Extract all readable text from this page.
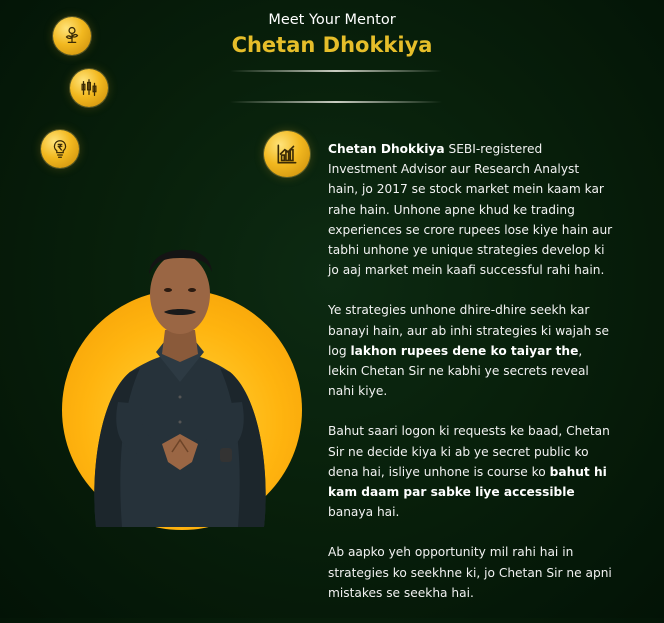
Meet Your Mentor
Chetan Dhokkiya

Chetan Dhokkiya SEBI-registered Investment Advisor aur Research Analyst hain, jo 2017 se stock market mein kaam kar rahe hain. Unhone apne khud ke trading experiences se crore rupees lose kiye hain aur tabhi unhone ye unique strategies develop ki jo aaj market mein kaafi successful rahi hain.

Ye strategies unhone dhire-dhire seekh kar banayi hain, aur ab inhi strategies ki wajah se log lakhon rupees dene ko taiyar the, lekin Chetan Sir ne kabhi ye secrets reveal nahi kiye.

Bahut saari logon ki requests ke baad, Chetan Sir ne decide kiya ki ab ye secret public ko dena hai, isliye unhone is course ko bahut hi kam daam par sabke liye accessible banaya hai.

Ab aapko yeh opportunity mil rahi hai in strategies ko seekhne ki, jo Chetan Sir ne apni mistakes se seekha hai.
